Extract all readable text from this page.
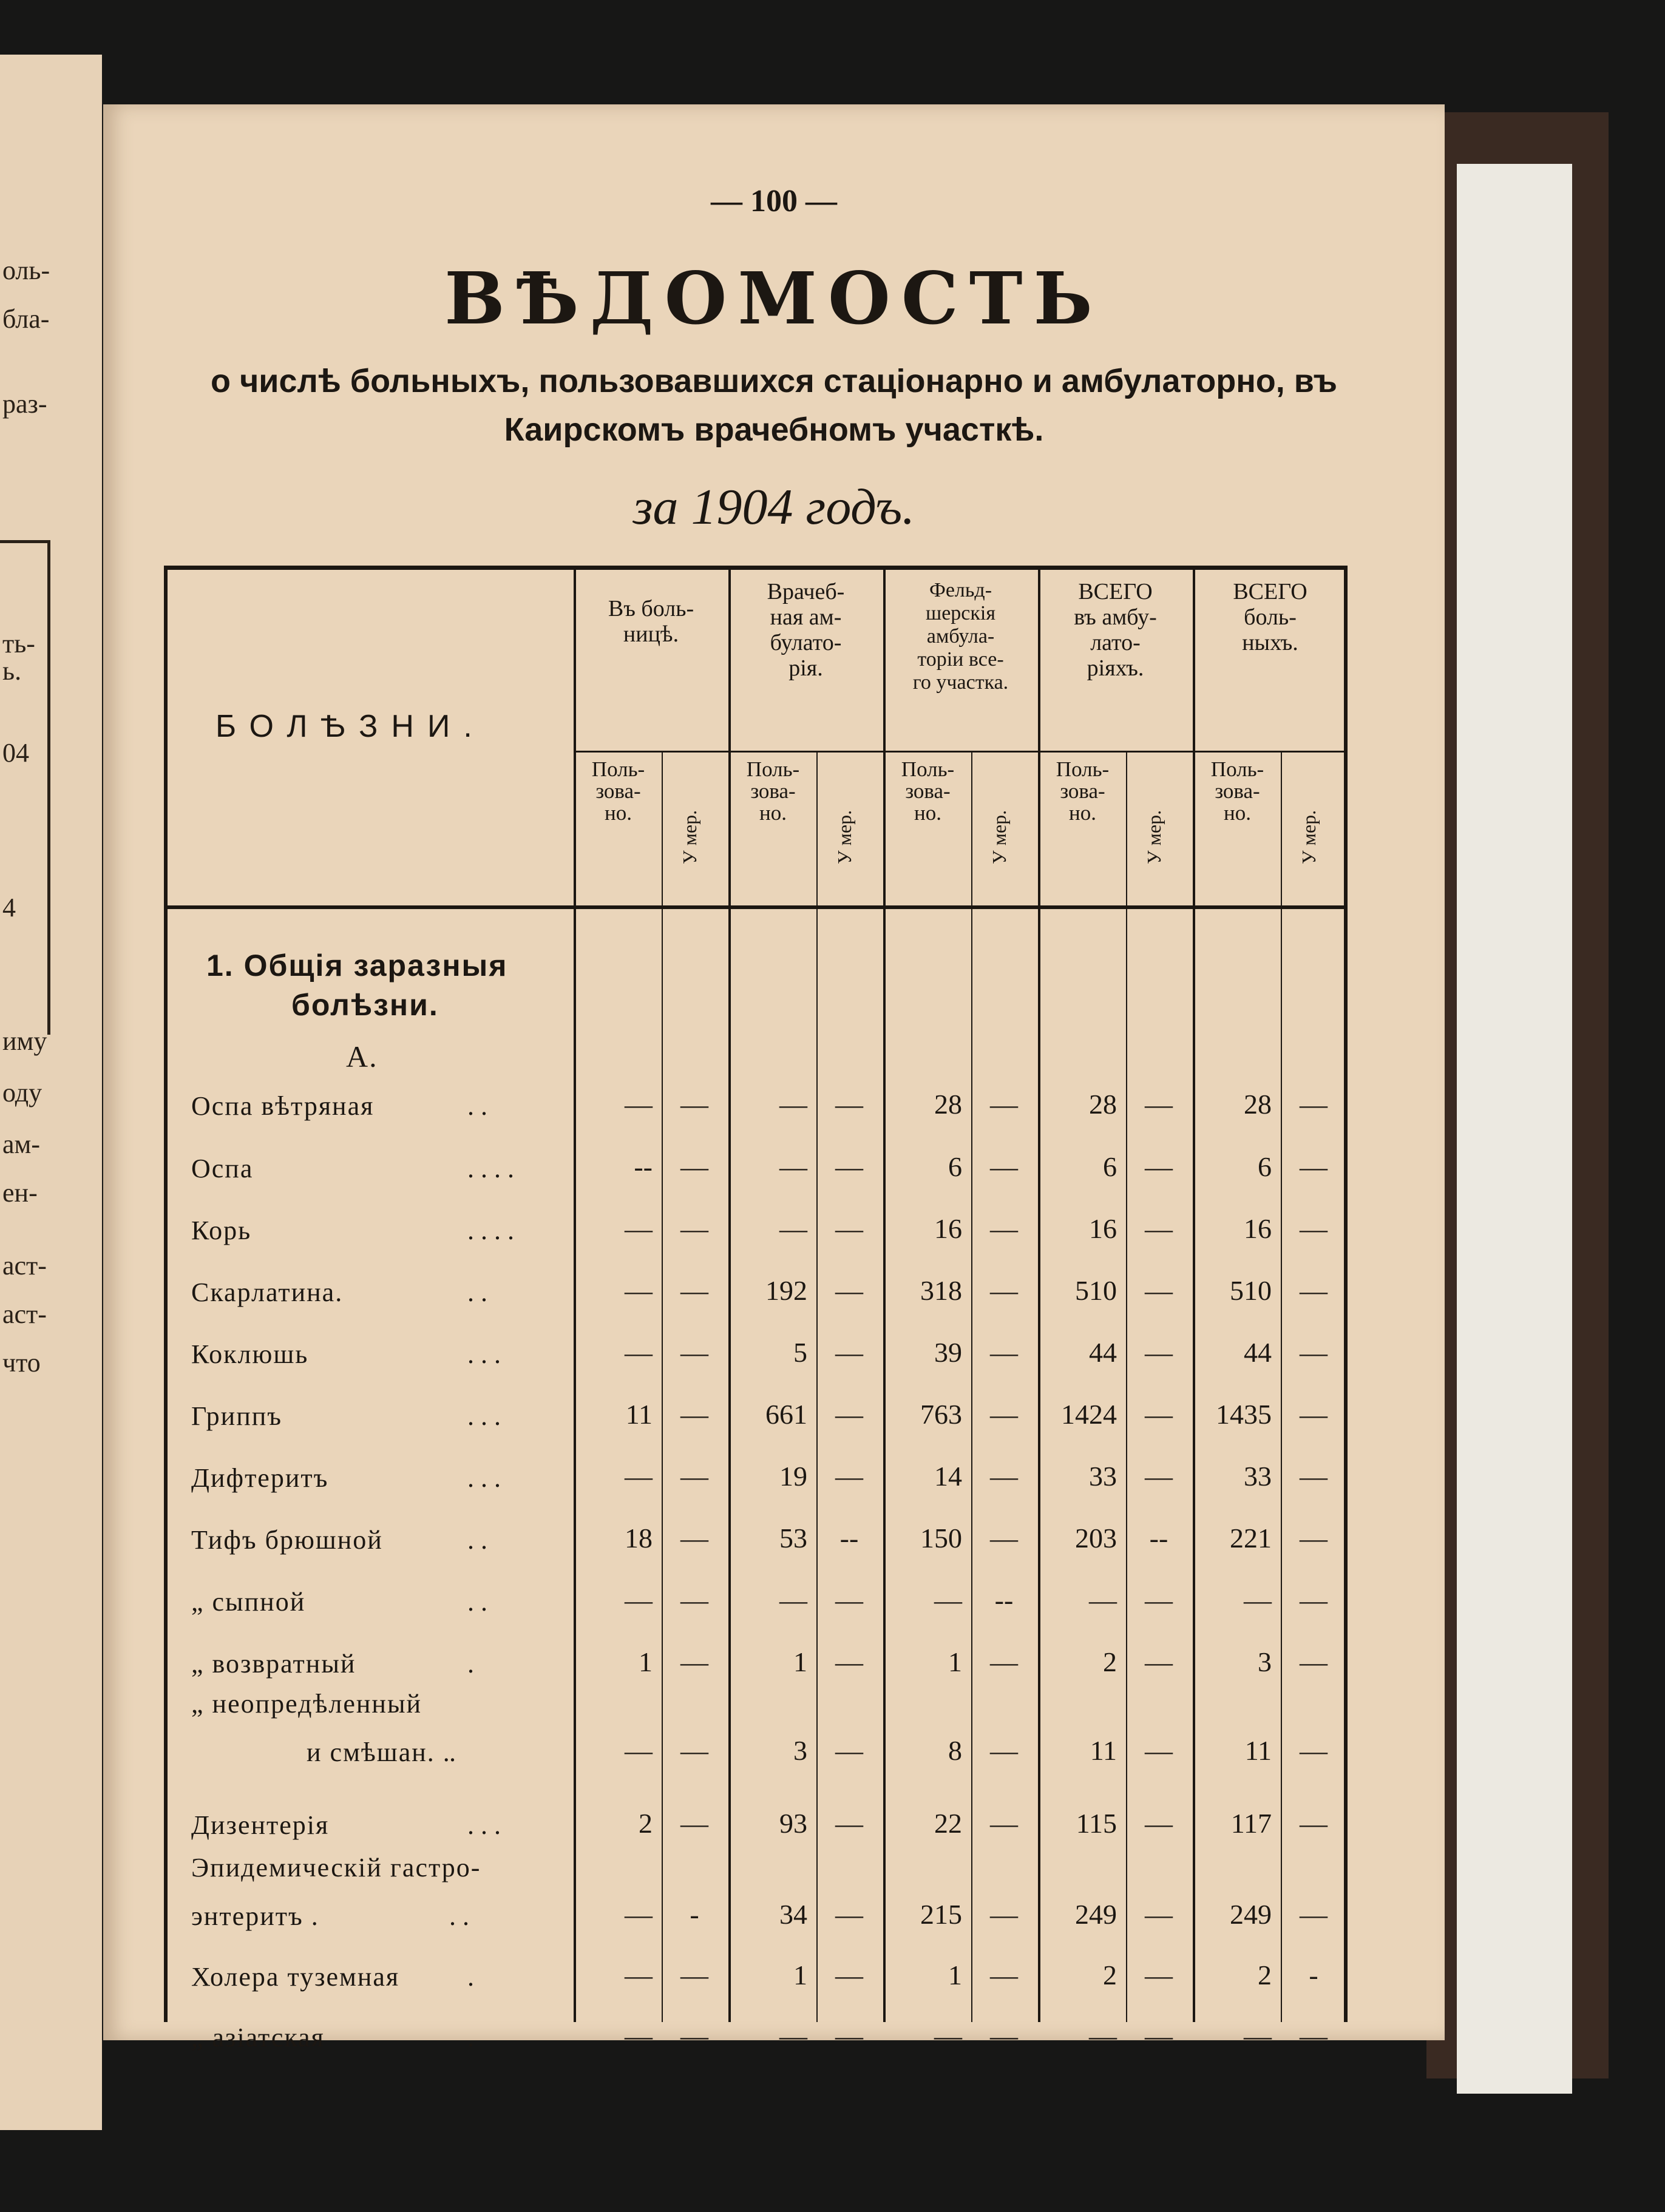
оль-
бла-
раз-
ть-
ь.
04
4
иму
оду
ам-
ен-
аст-
аст-
что
— 100 —
ВѢДОМОСТЬ
о числѣ больныхъ, пользовавшихся стаціонарно и амбулаторно, въ
Каирскомъ врачебномъ участкѣ.
за 1904 годъ.
БОЛѢЗНИ.
Въ боль-
ницѣ.
Поль-
зова-
но.	У мер.
Врачеб-
ная ам-
булато-
рія.
Поль-
зова-
но.	У мер.
Фельд-
шерскія
амбула-
торіи все-
го участка.
Поль-
зова-
но.	У мер.
ВСЕГО
въ амбу-
лато-
ріяхъ.
Поль-
зова-
но.	У мер.
ВСЕГО
боль-
ныхъ.
Поль-
зова-
но.	У мер.
1. Общія заразныя
болѣзни.
А.
Оспа вѣтряная	. .	—	—	—	—	28	—	28	—	28	—
Оспа	. . . .	--	—	—	—	6	—	6	—	6	—
Корь	. . . .	—	—	—	—	16	—	16	—	16	—
Скарлатина.	. .	—	—	192	—	318	—	510	—	510	—
Коклюшь	. . .	—	—	5	—	39	—	44	—	44	—
Гриппъ	. . .	11	—	661	—	763	—	1424	—	1435	—
Дифтеритъ	. . .	—	—	19	—	14	—	33	—	33	—
Тифъ брюшной	. .	18	—	53	--	150	—	203	--	221	—
„ сыпной	. .	—	—	—	—	—	--	—	—	—	—
„ возвратный	.	1	—	1	—	1	—	2	—	3	—
„ неопредѣленный
и смѣшан. .
.	—	—	3	—	8	—	11	—	11	—
Дизентерія	. . .	2	—	93	—	22	—	115	—	117	—
Эпидемическій гастро-
энтеритъ .	. .	—	-	34	—	215	—	249	—	249	—
Холера туземная	.	—	—	1	—	1	—	2	—	2	-
„ азіатская	.	—	—	—	—	—	—	—	—	—	—
